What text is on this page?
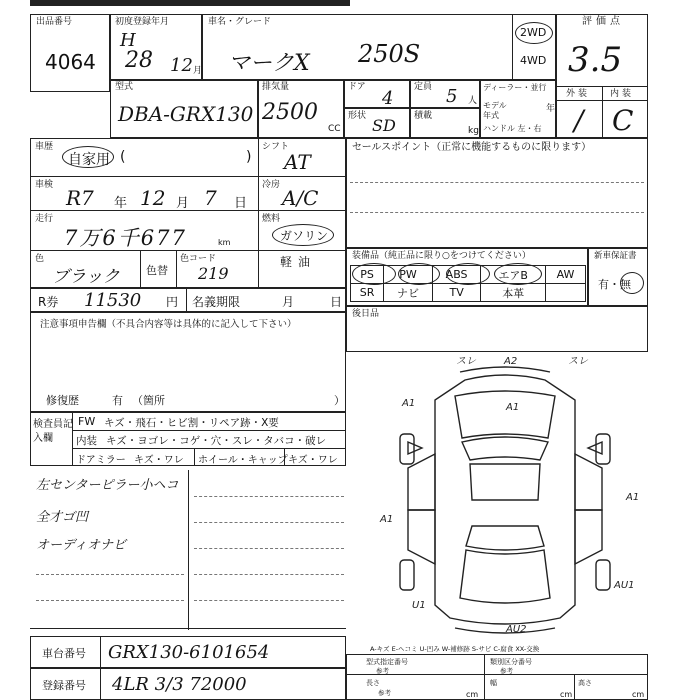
出品番号
4064
初度登録年月
H
28 12 月
車名・グレード
マークX 250S
2WD
4WD
評価点
3.5
外装 内装
/ C
型式
DBA-GRX130
排気量
2500
CC
ドア
4
定員 5 人
形状 SD 積載
kg
ディーラー・並行
モデル年式
年
ハンドル 左・右
車歴
自家用 (	)
シフト
AT
車検
R7 年 12 月 7 日
冷房
A/C
走行
7万6千677	km
燃料
ガソリン
軽油
色
ブラック 色替
色コード
219
R券 11530 円 名義期限	月	日
注意事項申告欄（不具合内容等は具体的に記入して下さい）
修復歴	有 （箇所	）
検査員記入欄
FW キズ・飛石・ヒビ割・リペア跡・X要
内装 キズ・ヨゴレ・コゲ・穴・スレ・タバコ・破レ
ドアミラー キズ・ワレ ホイール・キャップ キズ・ワレ
左センターピラー小ヘコ
全才ゴ凹
オーディオナビ
セールスポイント（正常に機能するものに限ります）
装備品（純正品に限り○をつけてください）
PS	PW	ABS	エアB	AW
SR	ナビ	TV	本革	
新車保証書
有・無
後日品
スレ	A2	スレ
A1
A1
A1
A1
AU1
AU2
U1
A-キズ E-ヘコミ U-凹み W-補修跡 S-サビ C-腐食 XX-交換
車台番号 GRX130-6101654
登録番号 4LR 3/3 72000
型式指定番号
参考
類別区分番号
参考
長さ
参考	cm
幅
cm
高さ
cm
